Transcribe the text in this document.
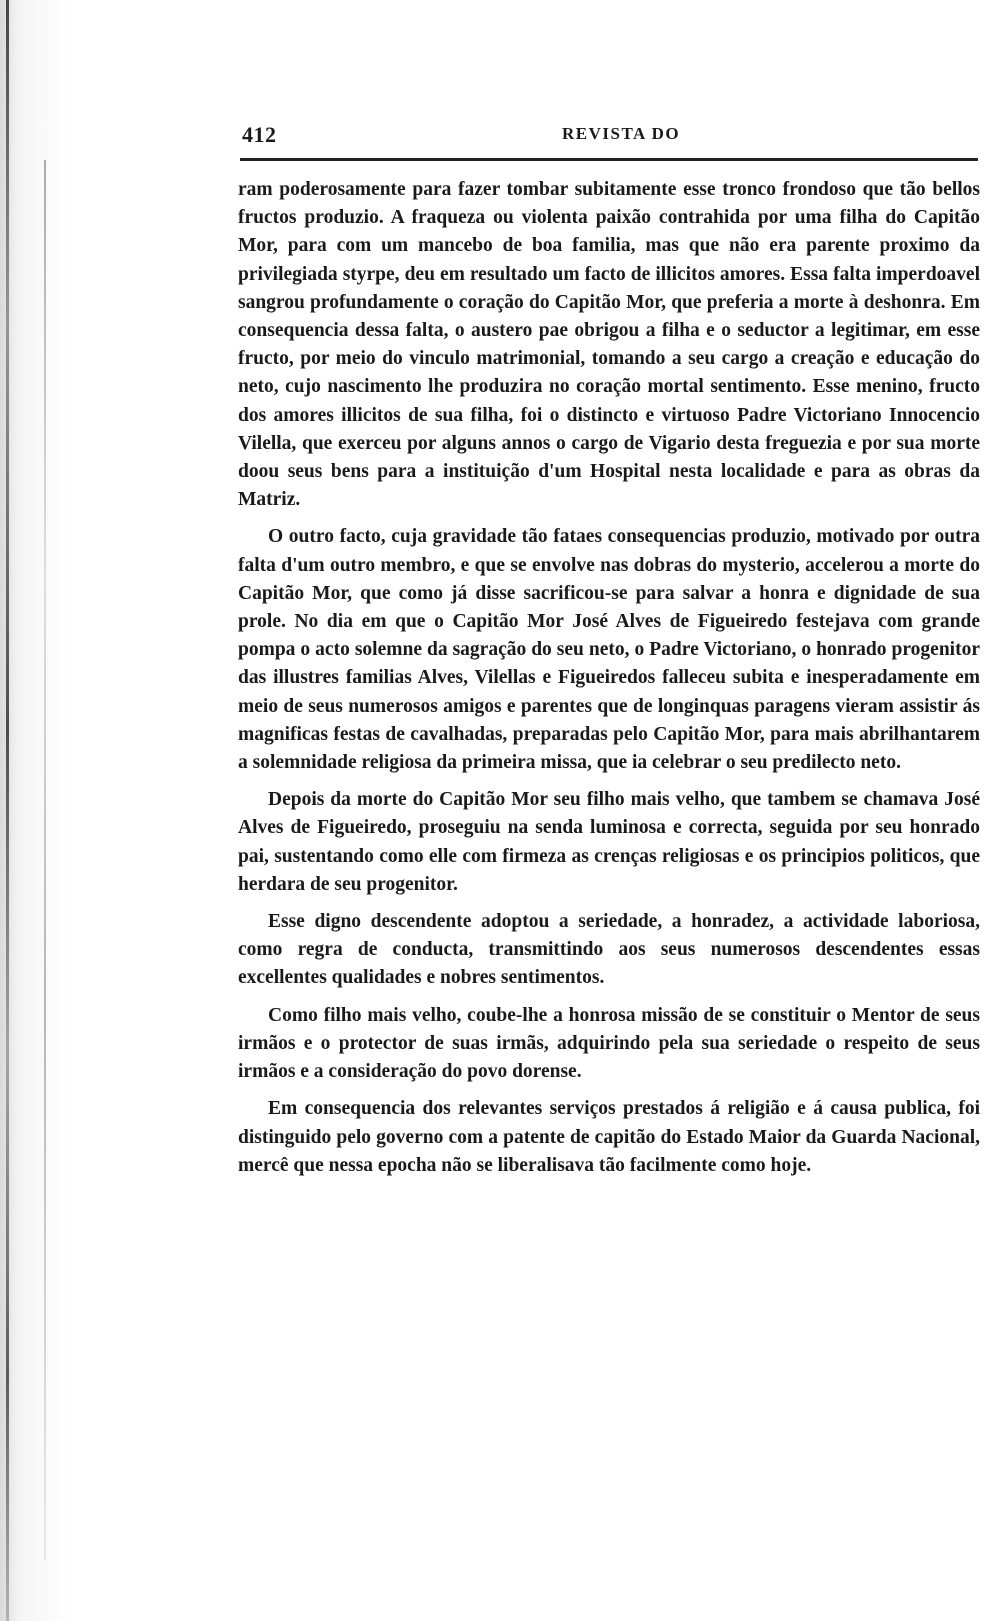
412	REVISTA DO

ram poderosamente para fazer tombar subitamente esse tronco frondoso que tão bellos fructos produzio. A fraqueza ou violenta paixão contrahida por uma filha do Capitão Mor, para com um mancebo de boa familia, mas que não era parente proximo da privilegiada styrpe, deu em resultado um facto de illicitos amores. Essa falta imperdoavel sangrou profundamente o coração do Capitão Mor, que preferia a morte à deshonra. Em consequencia dessa falta, o austero pae obrigou a filha e o seductor a legitimar, em esse fructo, por meio do vinculo matrimonial, tomando a seu cargo a creação e educação do neto, cujo nascimento lhe produzira no coração mortal sentimento. Esse menino, fructo dos amores illicitos de sua filha, foi o distincto e virtuoso Padre Victoriano Innocencio Vilella, que exerceu por alguns annos o cargo de Vigario desta freguezia e por sua morte doou seus bens para a instituição d'um Hospital nesta localidade e para as obras da Matriz.

O outro facto, cuja gravidade tão fataes consequencias produzio, motivado por outra falta d'um outro membro, e que se envolve nas dobras do mysterio, accelerou a morte do Capitão Mor, que como já disse sacrificou-se para salvar a honra e dignidade de sua prole. No dia em que o Capitão Mor José Alves de Figueiredo festejava com grande pompa o acto solemne da sagração do seu neto, o Padre Victoriano, o honrado progenitor das illustres familias Alves, Vilellas e Figueiredos falleceu subita e inesperadamente em meio de seus numerosos amigos e parentes que de longinquas paragens vieram assistir ás magnificas festas de cavalhadas, preparadas pelo Capitão Mor, para mais abrilhantarem a solemnidade religiosa da primeira missa, que ia celebrar o seu predilecto neto.

Depois da morte do Capitão Mor seu filho mais velho, que tambem se chamava José Alves de Figueiredo, proseguiu na senda luminosa e correcta, seguida por seu honrado pai, sustentando como elle com firmeza as crenças religiosas e os principios politicos, que herdara de seu progenitor.

Esse digno descendente adoptou a seriedade, a honradez, a actividade laboriosa, como regra de conducta, transmittindo aos seus numerosos descendentes essas excellentes qualidades e nobres sentimentos.

Como filho mais velho, coube-lhe a honrosa missão de se constituir o Mentor de seus irmãos e o protector de suas irmãs, adquirindo pela sua seriedade o respeito de seus irmãos e a consideração do povo dorense.

Em consequencia dos relevantes serviços prestados á religião e á causa publica, foi distinguido pelo governo com a patente de capitão do Estado Maior da Guarda Nacional, mercê que nessa epocha não se liberalisava tão facilmente como hoje.
